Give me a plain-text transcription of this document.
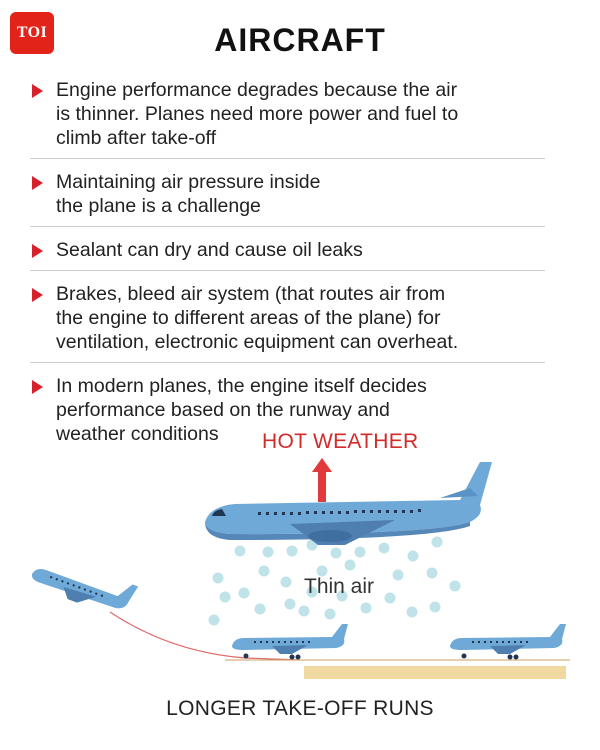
TOI	AIRCRAFT
Engine performance degrades because the air
is thinner. Planes need more power and fuel to
climb after take-off
Maintaining air pressure inside
the plane is a challenge
Sealant can dry and cause oil leaks
Brakes, bleed air system (that routes air from
the engine to different areas of the plane) for
ventilation, electronic equipment can overheat.
In modern planes, the engine itself decides
performance based on the runway and
weather conditions	HOT WEATHER
Thin air
LONGER TAKE-OFF RUNS
